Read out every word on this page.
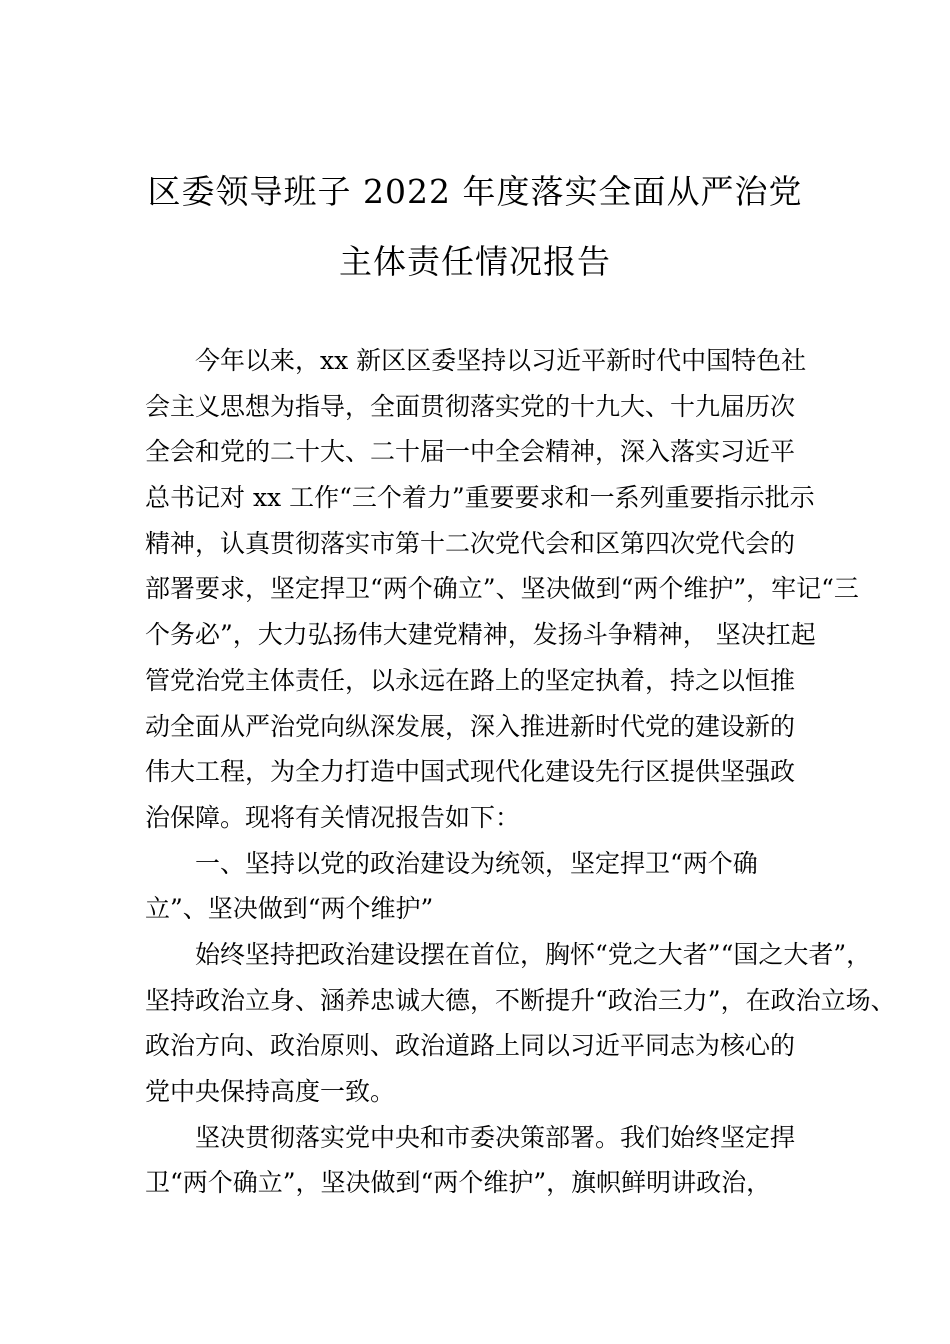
区委领导班子 2022 年度落实全面从严治党
主体责任情况报告
今年以来，xx 新区区委坚持以习近平新时代中国特色社
会主义思想为指导，全面贯彻落实党的十九大、十九届历次
全会和党的二十大、二十届一中全会精神，深入落实习近平
总书记对 xx 工作“三个着力”重要要求和一系列重要指示批示
精神，认真贯彻落实市第十二次党代会和区第四次党代会的
部署要求，坚定捍卫“两个确立”、坚决做到“两个维护”，牢记“三
个务必”，大力弘扬伟大建党精神，发扬斗争精神， 坚决扛起
管党治党主体责任，以永远在路上的坚定执着，持之以恒推
动全面从严治党向纵深发展，深入推进新时代党的建设新的
伟大工程，为全力打造中国式现代化建设先行区提供坚强政
治保障。现将有关情况报告如下：
一、坚持以党的政治建设为统领，坚定捍卫“两个确
立”、坚决做到“两个维护”
始终坚持把政治建设摆在首位，胸怀“党之大者”“国之大者”，
坚持政治立身、涵养忠诚大德，不断提升“政治三力”，在政治立场、
政治方向、政治原则、政治道路上同以习近平同志为核心的
党中央保持高度一致。
坚决贯彻落实党中央和市委决策部署。我们始终坚定捍
卫“两个确立”，坚决做到“两个维护”，旗帜鲜明讲政治，
